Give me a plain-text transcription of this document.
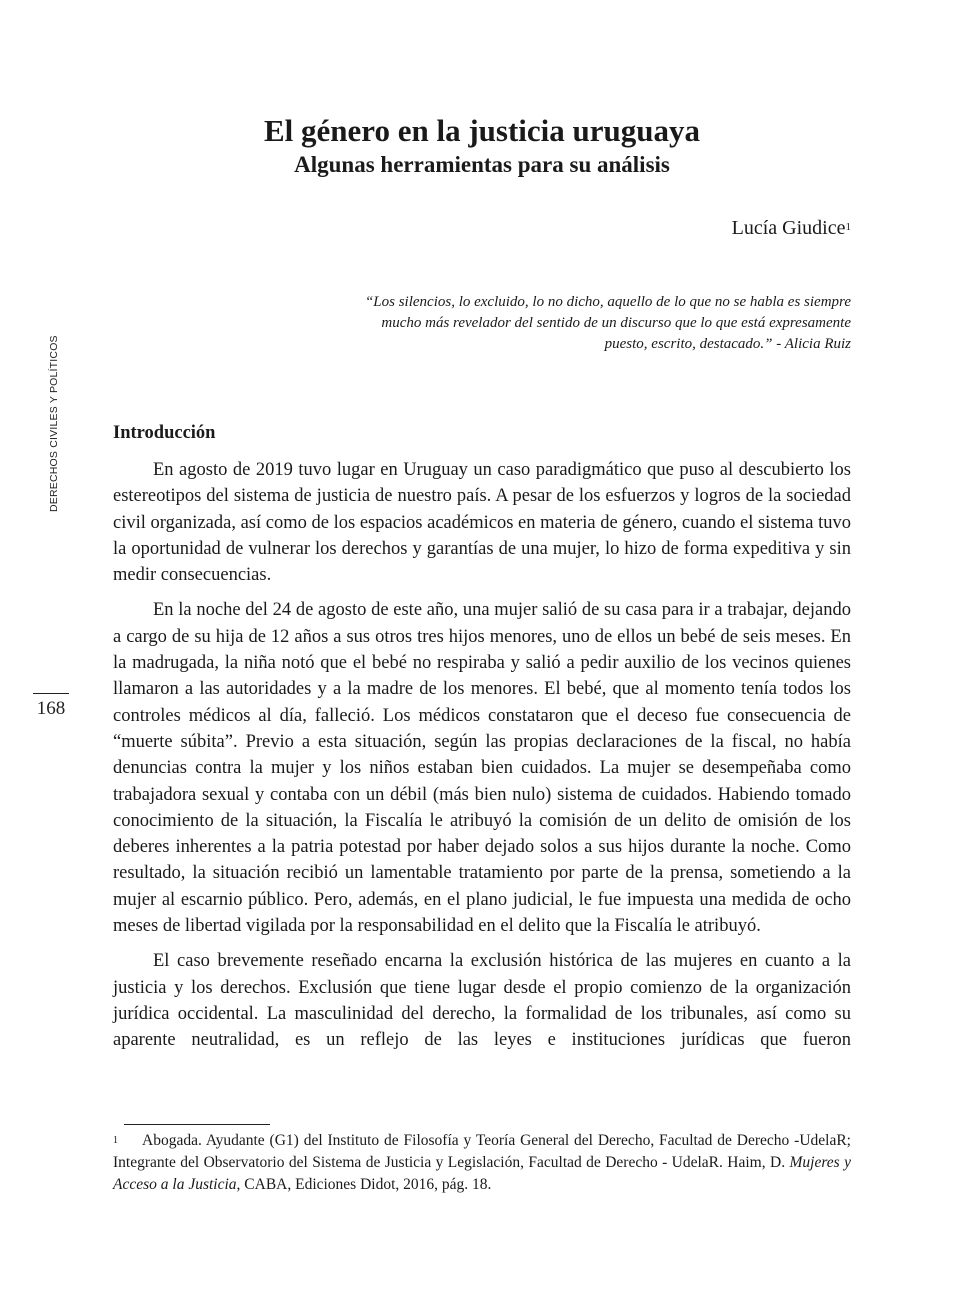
DERECHOS CIVILES Y POLÍTICOS
168
El género en la justicia uruguaya
Algunas herramientas para su análisis
Lucía Giudice$^1$

“Los silencios, lo excluido, lo no dicho, aquello de lo que no se habla es siempre
mucho más revelador del sentido de un discurso que lo que está expresamente
puesto, escrito, destacado.” - Alicia Ruiz

Introducción

En agosto de 2019 tuvo lugar en Uruguay un caso paradigmático que puso al descubierto los estereotipos del sistema de justicia de nuestro país. A pesar de los esfuerzos y logros de la sociedad civil organizada, así como de los espacios académicos en materia de género, cuando el sistema tuvo la oportunidad de vulnerar los derechos y garantías de una mujer, lo hizo de forma expeditiva y sin medir consecuencias.

En la noche del 24 de agosto de este año, una mujer salió de su casa para ir a trabajar, dejando a cargo de su hija de 12 años a sus otros tres hijos menores, uno de ellos un bebé de seis meses. En la madrugada, la niña notó que el bebé no respiraba y salió a pedir auxilio de los vecinos quienes llamaron a las autoridades y a la madre de los menores. El bebé, que al momento tenía todos los controles médicos al día, falleció. Los médicos constataron que el deceso fue consecuencia de “muerte súbita”. Previo a esta situación, según las propias declaraciones de la fiscal, no había denuncias contra la mujer y los niños estaban bien cuidados. La mujer se desempeñaba como trabajadora sexual y contaba con un débil (más bien nulo) sistema de cuidados. Habiendo tomado conocimiento de la situación, la Fiscalía le atribuyó la comisión de un delito de omisión de los deberes inherentes a la patria potestad por haber dejado solos a sus hijos durante la noche. Como resultado, la situación recibió un lamentable tratamiento por parte de la prensa, sometiendo a la mujer al escarnio público. Pero, además, en el plano judicial, le fue impuesta una medida de ocho meses de libertad vigilada por la responsabilidad en el delito que la Fiscalía le atribuyó.

El caso brevemente reseñado encarna la exclusión histórica de las mujeres en cuanto a la justicia y los derechos. Exclusión que tiene lugar desde el propio comienzo de la organización jurídica occidental. La masculinidad del derecho, la formalidad de los tribunales, así como su aparente neutralidad, es un reflejo de las leyes e instituciones jurídicas que fueron

1 Abogada. Ayudante (G1) del Instituto de Filosofía y Teoría General del Derecho, Facultad de Derecho -UdelaR; Integrante del Observatorio del Sistema de Justicia y Legislación, Facultad de Derecho - UdelaR. Haim, D. Mujeres y Acceso a la Justicia, CABA, Ediciones Didot, 2016, pág. 18.
